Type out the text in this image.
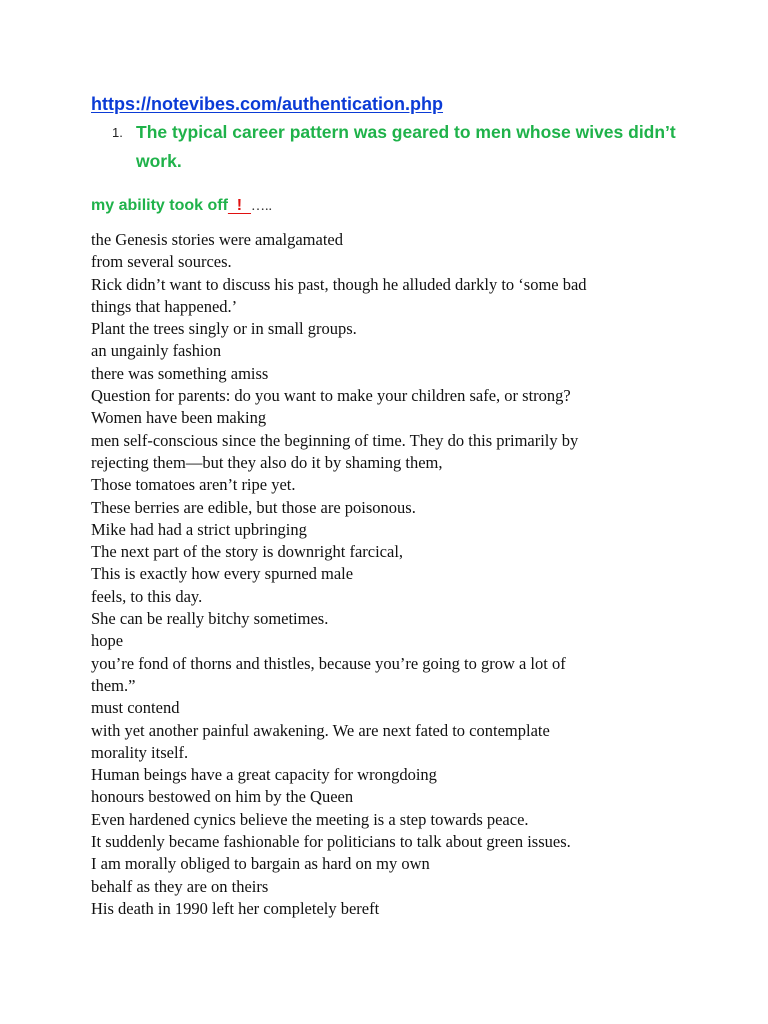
https://notevibes.com/authentication.php
1. The typical career pattern was geared to men whose wives didn’t work.
my ability took off  !  …..
the Genesis stories were amalgamated
from several sources.
Rick didn’t want to discuss his past, though he alluded darkly to ‘some bad
things that happened.’
Plant the trees singly or in small groups.
an ungainly fashion
there was something amiss
Question for parents: do you want to make your children safe, or strong?
Women have been making
men self-conscious since the beginning of time. They do this primarily by
rejecting them—but they also do it by shaming them,
Those tomatoes aren’t ripe yet.
These berries are edible, but those are poisonous.
Mike had had a strict upbringing
The next part of the story is downright farcical,
This is exactly how every spurned male
feels, to this day.
She can be really bitchy sometimes.
hope
you’re fond of thorns and thistles, because you’re going to grow a lot of
them.”
must contend
with yet another painful awakening. We are next fated to contemplate
morality itself.
Human beings have a great capacity for wrongdoing
honours bestowed on him by the Queen
Even hardened cynics believe the meeting is a step towards peace.
It suddenly became fashionable for politicians to talk about green issues.
I am morally obliged to bargain as hard on my own
behalf as they are on theirs
His death in 1990 left her completely bereft
